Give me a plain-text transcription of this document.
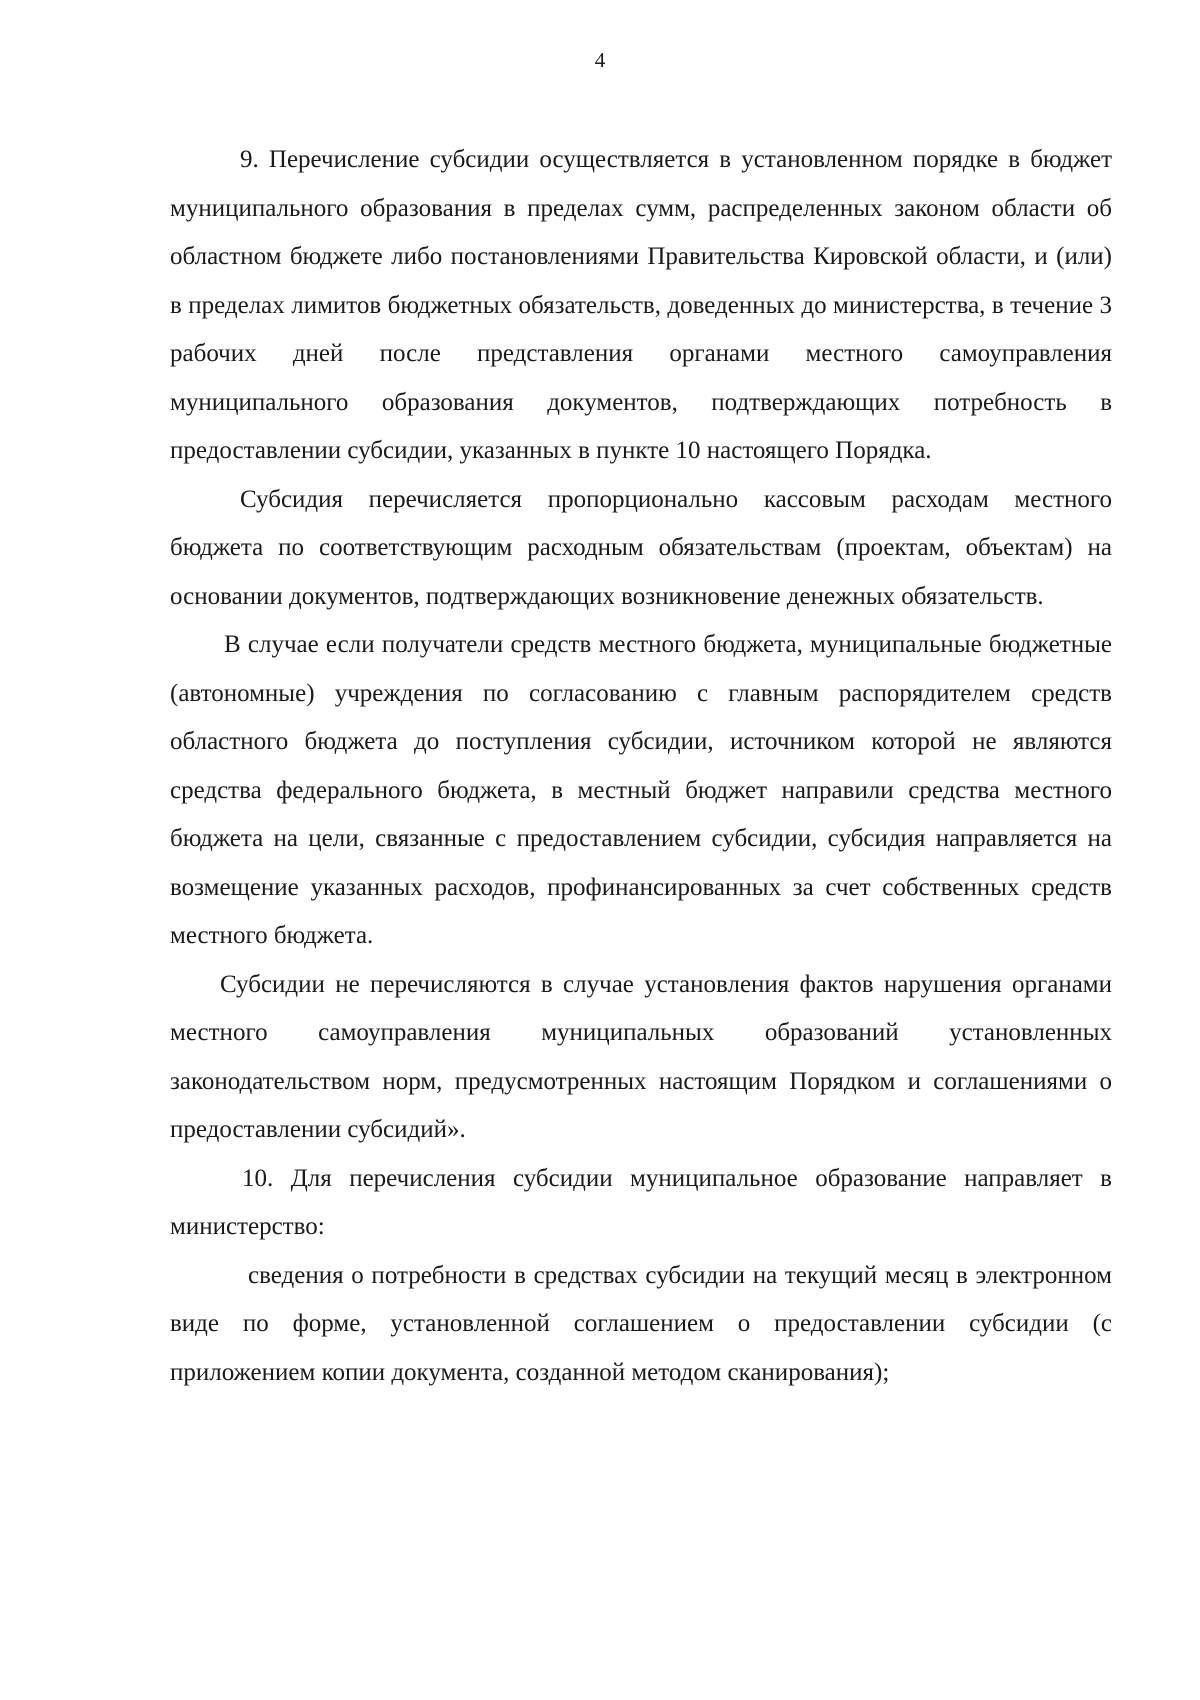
4

9. Перечисление субсидии осуществляется в установленном порядке в бюджет муниципального образования в пределах сумм, распределенных законом области об областном бюджете либо постановлениями Правительства Кировской области, и (или) в пределах лимитов бюджетных обязательств, доведенных до министерства, в течение 3 рабочих дней после представления органами местного самоуправления муниципального образования документов, подтверждающих потребность в предоставлении субсидии, указанных в пункте 10 настоящего Порядка.

Субсидия перечисляется пропорционально кассовым расходам местного бюджета по соответствующим расходным обязательствам (проектам, объектам) на основании документов, подтверждающих возникновение денежных обязательств.

В случае если получатели средств местного бюджета, муниципальные бюджетные (автономные) учреждения по согласованию с главным распорядителем средств областного бюджета до поступления субсидии, источником которой не являются средства федерального бюджета, в местный бюджет направили средства местного бюджета на цели, связанные с предоставлением субсидии, субсидия направляется на возмещение указанных расходов, профинансированных за счет собственных средств местного бюджета.

Субсидии не перечисляются в случае установления фактов нарушения органами местного самоуправления муниципальных образований установленных законодательством норм, предусмотренных настоящим Порядком и соглашениями о предоставлении субсидий».

10. Для перечисления субсидии муниципальное образование направляет в министерство:

сведения о потребности в средствах субсидии на текущий месяц в электронном виде по форме, установленной соглашением о предоставлении субсидии (с приложением копии документа, созданной методом сканирования);
